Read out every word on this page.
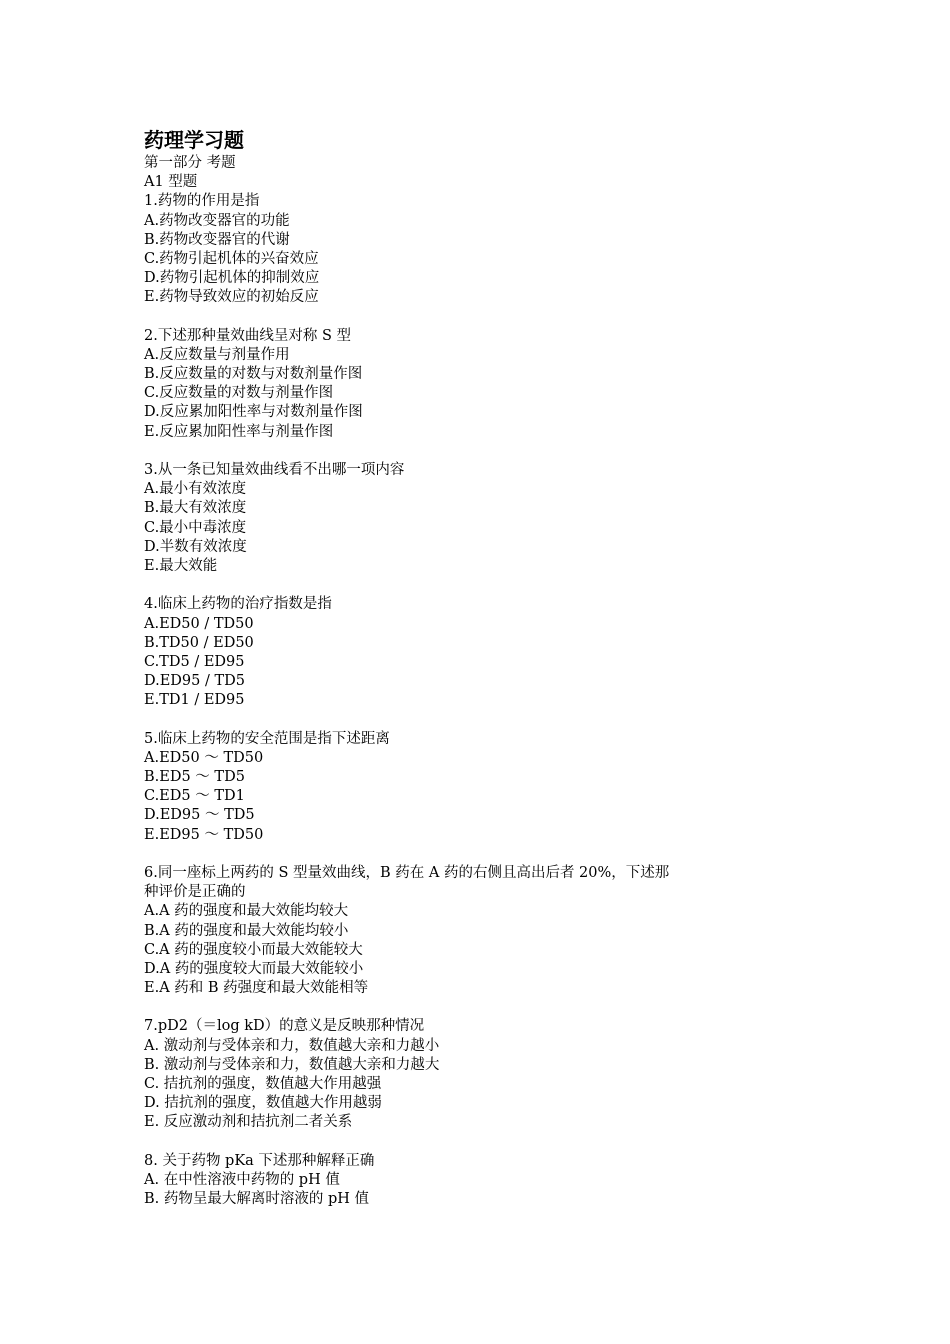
药理学习题
第一部分 考题
A1 型题
1.药物的作用是指
A.药物改变器官的功能
B.药物改变器官的代谢
C.药物引起机体的兴奋效应
D.药物引起机体的抑制效应
E.药物导致效应的初始反应
2.下述那种量效曲线呈对称 S 型
A.反应数量与剂量作用
B.反应数量的对数与对数剂量作图
C.反应数量的对数与剂量作图
D.反应累加阳性率与对数剂量作图
E.反应累加阳性率与剂量作图
3.从一条已知量效曲线看不出哪一项内容
A.最小有效浓度
B.最大有效浓度
C.最小中毒浓度
D.半数有效浓度
E.最大效能
4.临床上药物的治疗指数是指
A.ED50 / TD50
B.TD50 / ED50
C.TD5 / ED95
D.ED95 / TD5
E.TD1 / ED95
5.临床上药物的安全范围是指下述距离
A.ED50 ～ TD50
B.ED5 ～ TD5
C.ED5 ～ TD1
D.ED95 ～ TD5
E.ED95 ～ TD50
6.同一座标上两药的 S 型量效曲线，B 药在 A 药的右侧且高出后者 20%，下述那
种评价是正确的
A.A 药的强度和最大效能均较大
B.A 药的强度和最大效能均较小
C.A 药的强度较小而最大效能较大
D.A 药的强度较大而最大效能较小
E.A 药和 B 药强度和最大效能相等
7.pD2（＝log kD）的意义是反映那种情况
A. 激动剂与受体亲和力，数值越大亲和力越小
B. 激动剂与受体亲和力，数值越大亲和力越大
C. 拮抗剂的强度，数值越大作用越强
D. 拮抗剂的强度，数值越大作用越弱
E. 反应激动剂和拮抗剂二者关系
8. 关于药物 pKa 下述那种解释正确
A. 在中性溶液中药物的 pH 值
B. 药物呈最大解离时溶液的 pH 值
